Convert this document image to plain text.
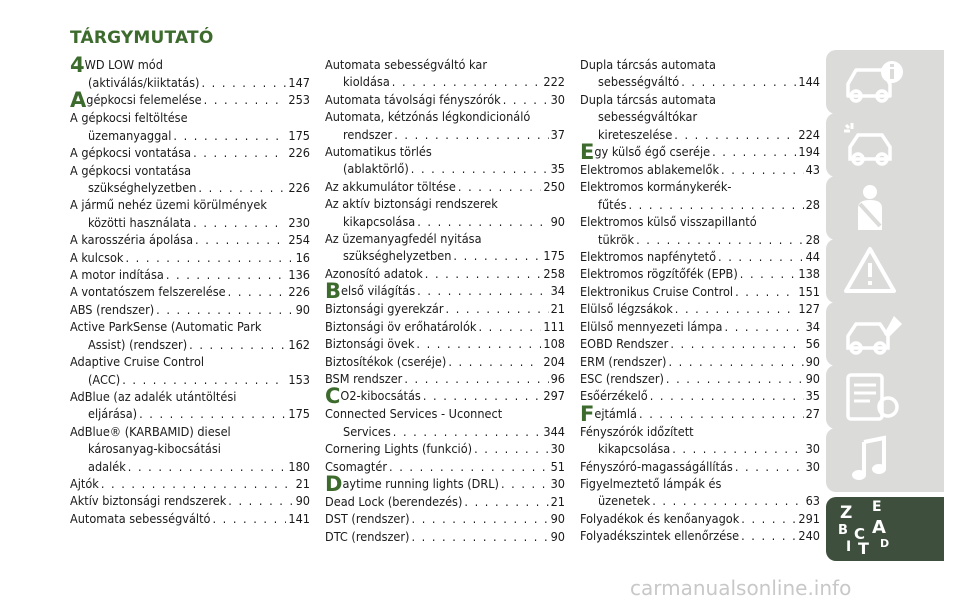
TÁRGYMUTATÓ
4 WD LOW mód
(aktiválás/kiiktatás) . . .	147
A gépkocsi felemelése . . .	253
A gépkocsi feltöltése
üzemanyaggal . . .	175
A gépkocsi vontatása . . .	226
A gépkocsi vontatása
szükséghelyzetben . . .	226
A jármű nehéz üzemi körülmények
közötti használata . . .	230
A karosszéria ápolása . . .	254
A kulcsok . . .	16
A motor indítása . . .	136
A vontatószem felszerelése . . .	226
ABS (rendszer) . . .	90
Active ParkSense (Automatic Park
Assist) (rendszer) . . .	162
Adaptive Cruise Control
(ACC) . . .	153
AdBlue (az adalék utántöltési
eljárása) . . .	175
AdBlue® (KARBAMID) diesel
károsanyag-kibocsátási
adalék . . .	180
Ajtók . . .	21
Aktív biztonsági rendszerek . . .	90
Automata sebességváltó . . .	141
Automata sebességváltó kar
kioldása . . .	222
Automata távolsági fényszórók . . .	30
Automata, kétzónás légkondicionáló
rendszer . . .	37
Automatikus törlés
(ablaktörlő) . . .	35
Az akkumulátor töltése . . .	250
Az aktív biztonsági rendszerek
kikapcsolása . . .	90
Az üzemanyagfedél nyitása
szükséghelyzetben . . .	175
Azonosító adatok . . .	258
B első világítás . . .	34
Biztonsági gyerekzár . . .	21
Biztonsági öv erőhatárolók . . .	111
Biztonsági övek . . .	108
Biztosítékok (cseréje) . . .	204
BSM rendszer . . .	96
C O2-kibocsátás . . .	297
Connected Services - Uconnect
Services . . .	344
Cornering Lights (funkció) . . .	30
Csomagtér . . .	51
D aytime running lights (DRL) . . .	30
Dead Lock (berendezés) . . .	21
DST (rendszer) . . .	90
DTC (rendszer) . . .	90
Dupla tárcsás automata
sebességváltó . . .	144
Dupla tárcsás automata
sebességváltókar
kireteszelése . . .	224
E gy külső égő cseréje . . .	194
Elektromos ablakemelők . . .	43
Elektromos kormánykerék-
fűtés . . .	28
Elektromos külső visszapillantó
tükrök . . .	28
Elektromos napfénytető . . .	44
Elektromos rögzítőfék (EPB) . . .	138
Elektronikus Cruise Control . . .	151
Elülső légzsákok . . .	127
Elülső mennyezeti lámpa . . .	34
EOBD Rendszer . . .	56
ERM (rendszer) . . .	90
ESC (rendszer) . . .	90
Esőérzékelő . . .	35
F ejtámlá . . .	27
Fényszórók időzített
kikapcsolása . . .	30
Fényszóró-magasságállítás . . .	30
Figyelmeztető lámpák és
üzenetek . . .	63
Folyadékok és kenőanyagok . . .	291
Folyadékszintek ellenőrzése . . .	240
Z E
B A
C
T
I	D
carmanualsonline.info
